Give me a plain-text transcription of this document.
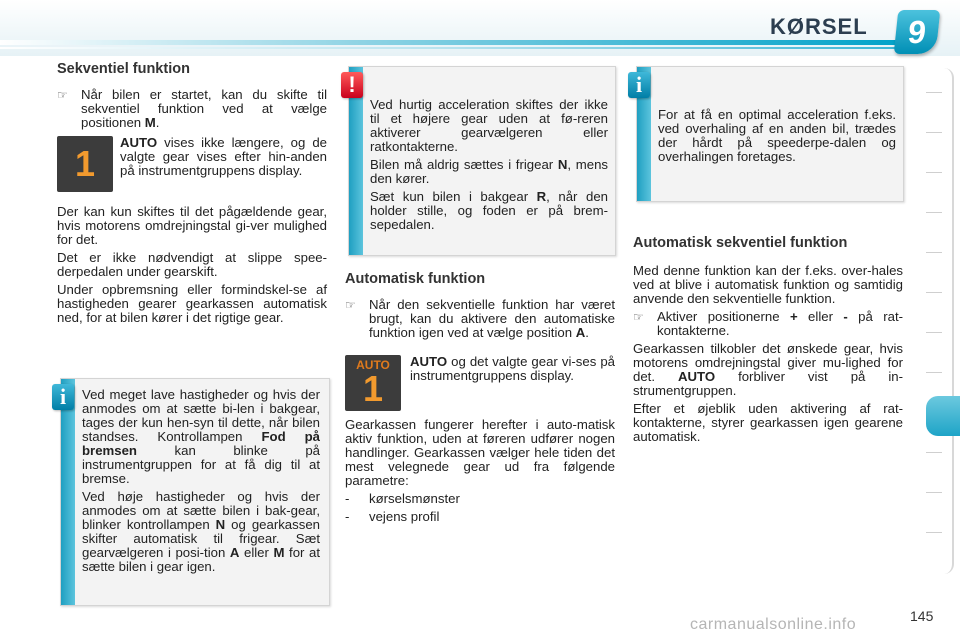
KØRSEL	9
Sekventiel funktion
☞	Når bilen er startet, kan du skifte til sekventiel funktion ved at vælge positionen M.
1

AUTO vises ikke længere, og de valgte gear vises efter hin-anden på instrumentgruppens display.

Der kan kun skiftes til det pågældende gear, hvis motorens omdrejningstal gi-ver mulighed for det.

Det er ikke nødvendigt at slippe spee-derpedalen under gearskift.

Under opbremsning eller formindskel-se af hastigheden gearer gearkassen automatisk ned, for at bilen kører i det rigtige gear.

i	Ved meget lave hastigheder og hvis der anmodes om at sætte bi-len i bakgear, tages der kun hen-syn til dette, når bilen standses. Kontrollampen Fod på bremsen kan blinke på instrumentgruppen for at få dig til at bremse.

Ved høje hastigheder og hvis der anmodes om at sætte bilen i bak-gear, blinker kontrollampen N og gearkassen skifter automatisk til frigear. Sæt gearvælgeren i posi-tion A eller M for at sætte bilen i gear igen.

!

Ved hurtig acceleration skiftes der ikke til et højere gear uden at fø-reren aktiverer gearvælgeren eller ratkontakterne.

Bilen må aldrig sættes i frigear N, mens den kører.

Sæt kun bilen i bakgear R, når den holder stille, og foden er på brem-sepedalen.

Automatisk funktion
☞	Når den sekventielle funktion har været brugt, kan du aktivere den automatiske funktion igen ved at vælge position A.
AUTO
1

AUTO og det valgte gear vi-ses på instrumentgruppens display.

Gearkassen fungerer herefter i auto-matisk aktiv funktion, uden at føreren udfører nogen handlinger. Gearkassen vælger hele tiden det mest velegnede gear ud fra følgende parametre:

-	kørselsmønster
-	vejens profil
i

For at få en optimal acceleration f.eks. ved overhaling af en anden bil, trædes der hårdt på speederpe-dalen og overhalingen foretages.

Automatisk sekventiel funktion

Med denne funktion kan der f.eks. over-hales ved at blive i automatisk funktion og samtidig anvende den sekventielle funktion.

☞	Aktiver positionerne + eller - på rat-kontakterne.

Gearkassen tilkobler det ønskede gear, hvis motorens omdrejningstal giver mu-lighed for det. AUTO forbliver vist på in-strumentgruppen.

Efter et øjeblik uden aktivering af rat-kontakterne, styrer gearkassen igen gearene automatisk.

145
carmanualsonline.info
